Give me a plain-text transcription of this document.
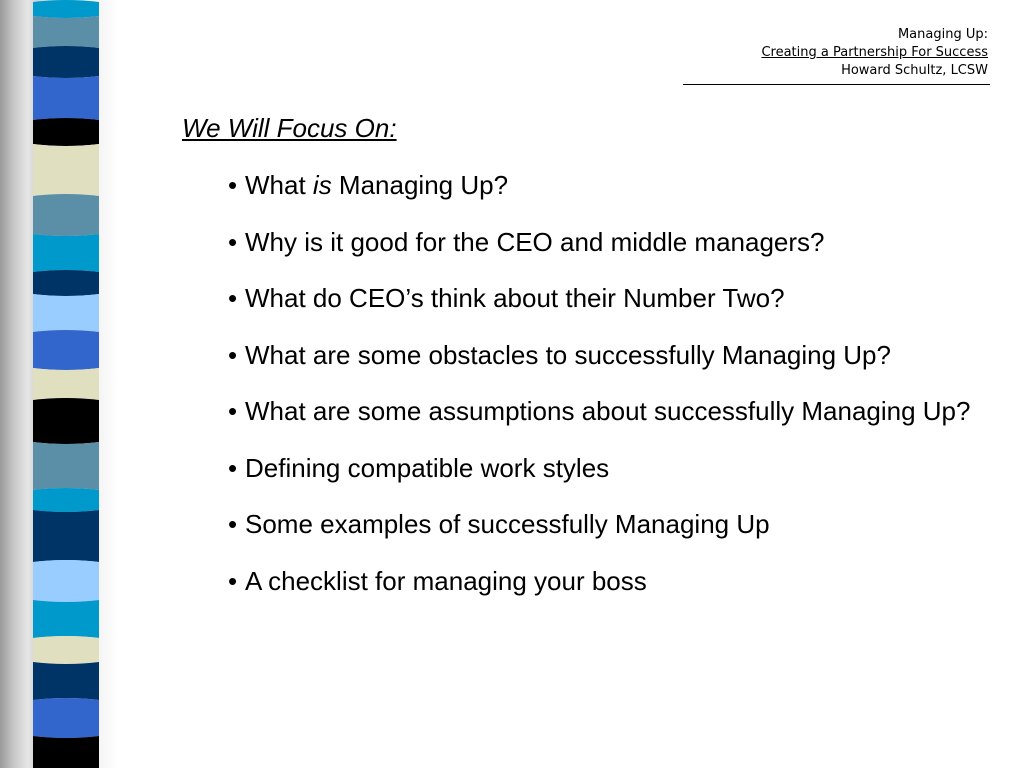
Managing Up:
Creating a Partnership For Success
Howard Schultz, LCSW
We Will Focus On:
• What is Managing Up?
• Why is it good for the CEO and middle managers?
• What do CEO’s think about their Number Two?
• What are some obstacles to successfully Managing Up?
• What are some assumptions about successfully Managing Up?
• Defining compatible work styles
• Some examples of successfully Managing Up
• A checklist for managing your boss
